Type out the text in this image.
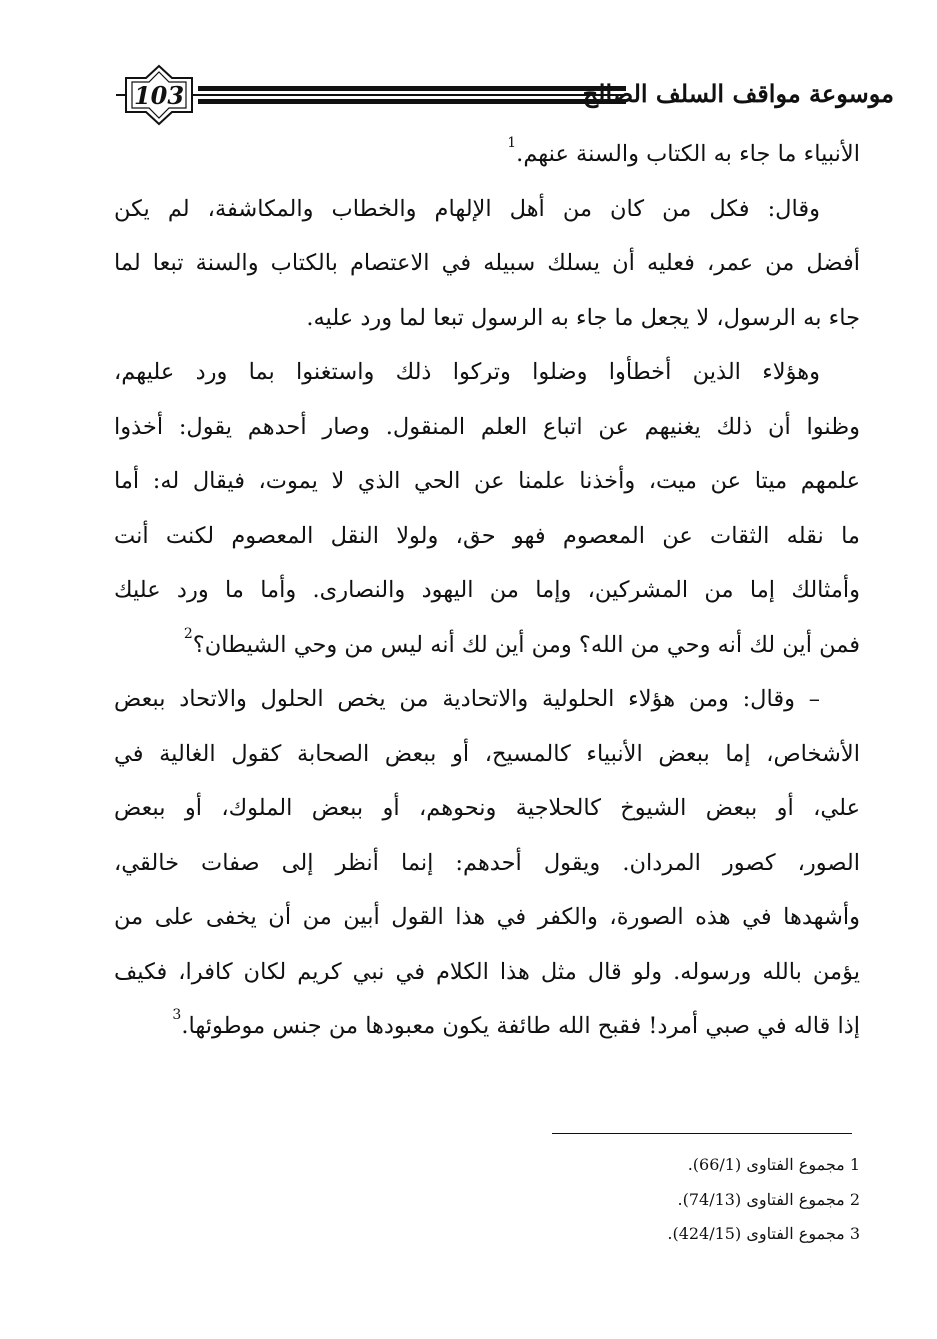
103	موسوعة مواقف السلف الصالح
الأنبياء ما جاء به الكتاب والسنة عنهم.$^1$
وقال: فكل من كان من أهل الإلهام والخطاب والمكاشفة، لم يكن
أفضل من عمر، فعليه أن يسلك سبيله في الاعتصام بالكتاب والسنة تبعا لما
جاء به الرسول، لا يجعل ما جاء به الرسول تبعا لما ورد عليه.
وهؤلاء الذين أخطأوا وضلوا وتركوا ذلك واستغنوا بما ورد عليهم،
وظنوا أن ذلك يغنيهم عن اتباع العلم المنقول. وصار أحدهم يقول: أخذوا
علمهم ميتا عن ميت، وأخذنا علمنا عن الحي الذي لا يموت، فيقال له: أما
ما نقله الثقات عن المعصوم فهو حق، ولولا النقل المعصوم لكنت أنت
وأمثالك إما من المشركين، وإما من اليهود والنصارى. وأما ما ورد عليك
فمن أين لك أنه وحي من الله؟ ومن أين لك أنه ليس من وحي الشيطان؟$^2$
– وقال: ومن هؤلاء الحلولية والاتحادية من يخص الحلول والاتحاد ببعض
الأشخاص، إما ببعض الأنبياء كالمسيح، أو ببعض الصحابة كقول الغالية في
علي، أو ببعض الشيوخ كالحلاجية ونحوهم، أو ببعض الملوك، أو ببعض
الصور، كصور المردان. ويقول أحدهم: إنما أنظر إلى صفات خالقي،
وأشهدها في هذه الصورة، والكفر في هذا القول أبين من أن يخفى على من
يؤمن بالله ورسوله. ولو قال مثل هذا الكلام في نبي كريم لكان كافرا، فكيف
إذا قاله في صبي أمرد! فقبح الله طائفة يكون معبودها من جنس موطوئها.$^3$
1 مجموع الفتاوى (66/1).
2 مجموع الفتاوى (74/13).
3 مجموع الفتاوى (424/15).
